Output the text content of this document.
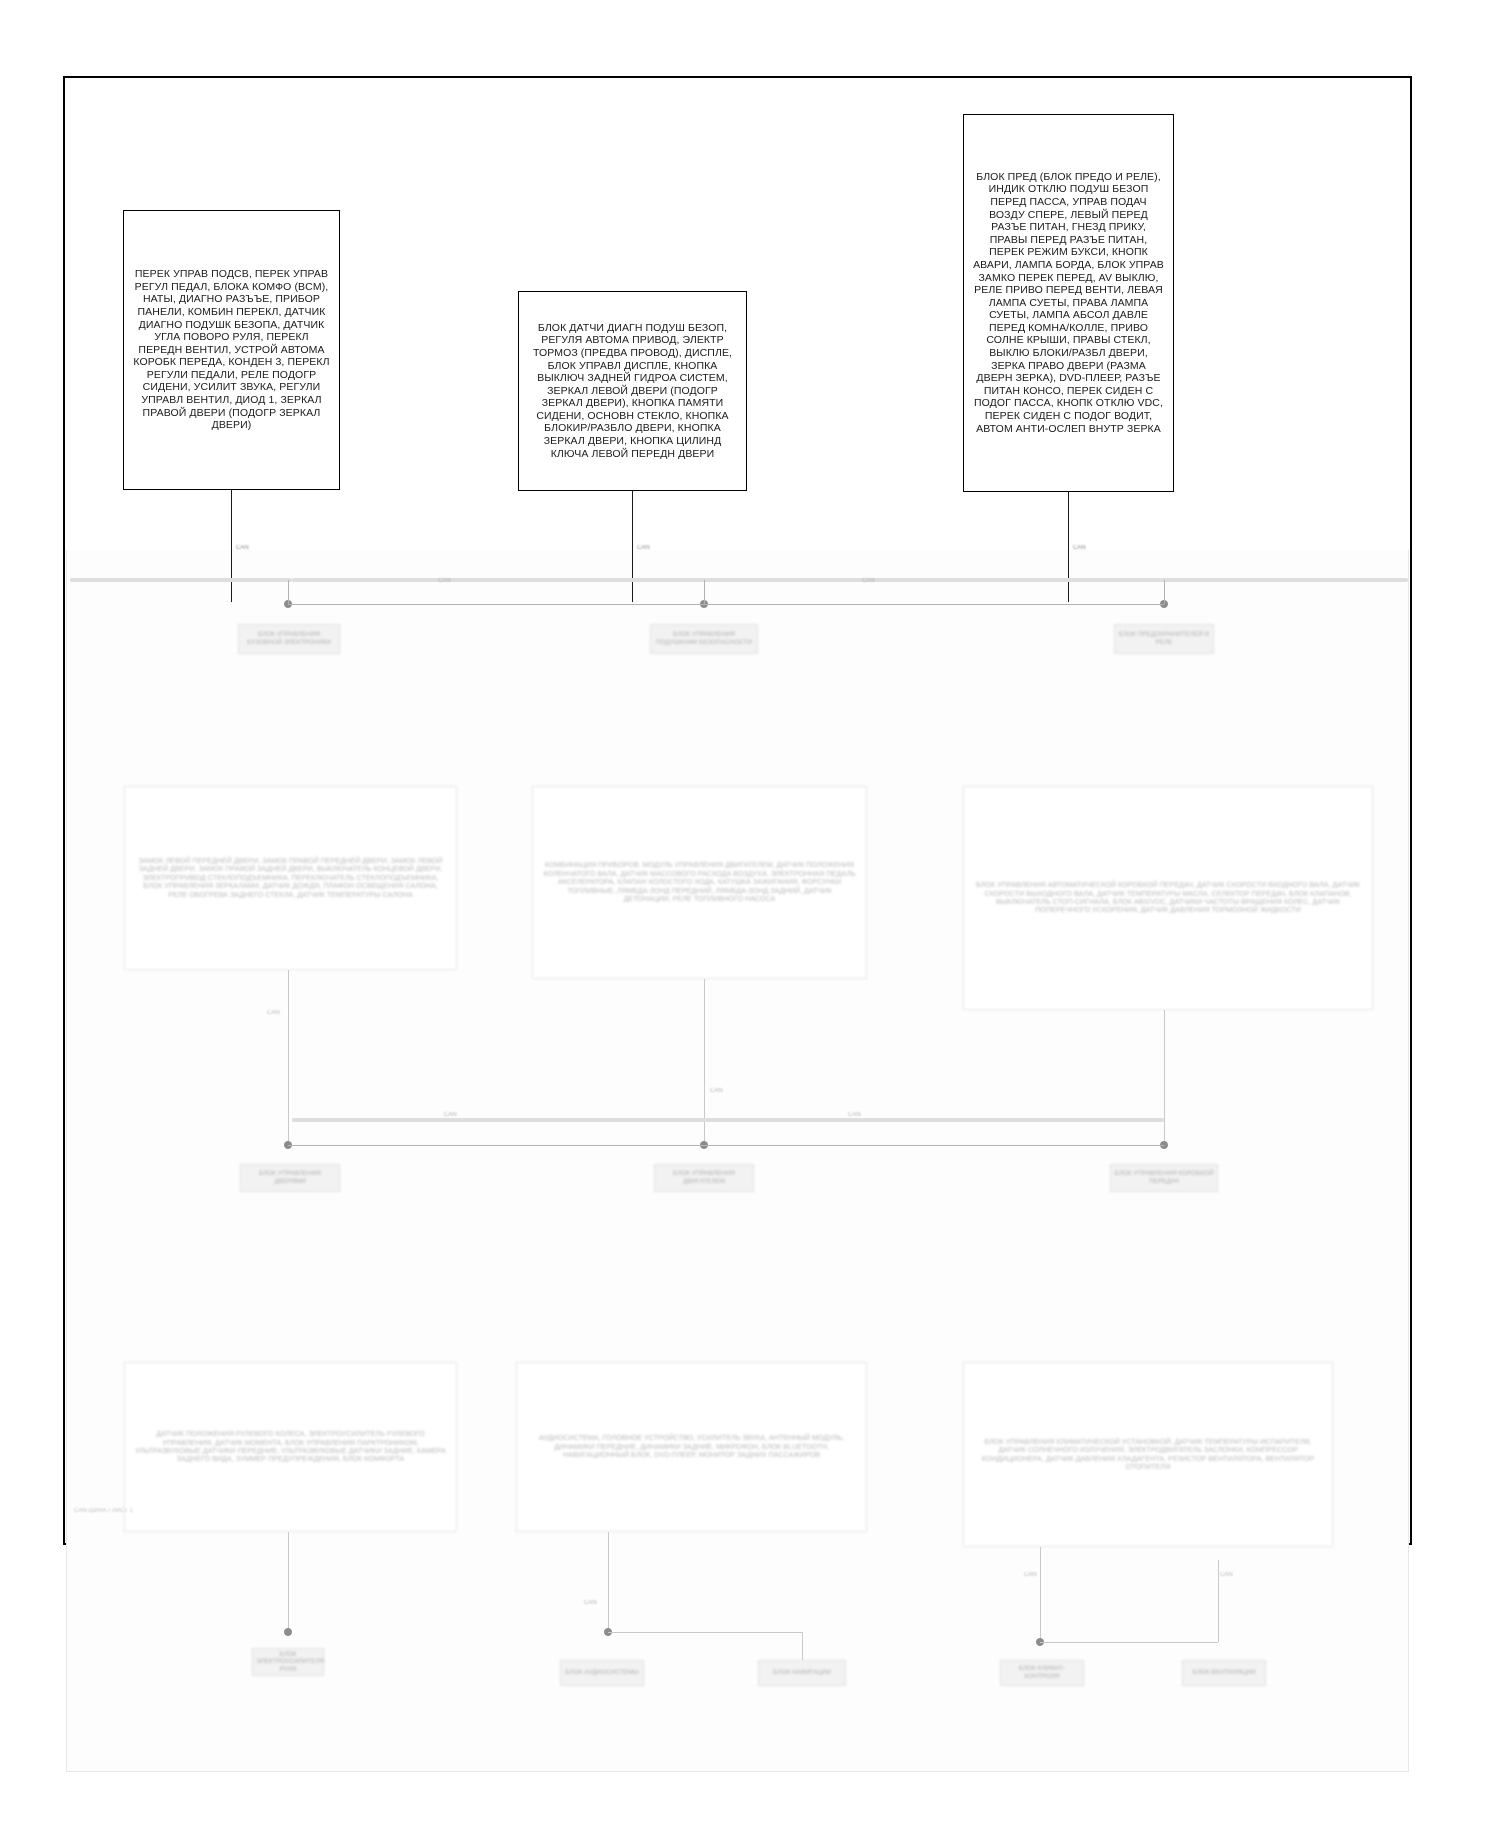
ПЕРЕК УПРАВ ПОДСВ, ПЕРЕК УПРАВ РЕГУЛ ПЕДАЛ, БЛОКА КОМФО (BCM), НАТЫ, ДИАГНО РАЗЪЪЕ, ПРИБОР ПАНЕЛИ, КОМБИН ПЕРЕКЛ, ДАТЧИК ДИАГНО ПОДУШК БЕЗОПА, ДАТЧИК УГЛА ПОВОРО РУЛЯ, ПЕРЕКЛ ПЕРЕДН ВЕНТИЛ, УСТРОЙ АВТОМА КОРОБК ПЕРЕДА, КОНДЕН 3, ПЕРЕКЛ РЕГУЛИ ПЕДАЛИ, РЕЛЕ ПОДОГР СИДЕНИ, УСИЛИТ ЗВУКА, РЕГУЛИ УПРАВЛ ВЕНТИЛ, ДИОД 1, ЗЕРКАЛ ПРАВОЙ ДВЕРИ (ПОДОГР ЗЕРКАЛ ДВЕРИ)
БЛОК ДАТЧИ ДИАГН ПОДУШ БЕЗОП, РЕГУЛЯ АВТОМА ПРИВОД, ЭЛЕКТР ТОРМОЗ (ПРЕДВА ПРОВОД), ДИСПЛЕ, БЛОК УПРАВЛ ДИСПЛЕ, КНОПКА ВЫКЛЮЧ ЗАДНЕЙ ГИДРОА СИСТЕМ, ЗЕРКАЛ ЛЕВОЙ ДВЕРИ (ПОДОГР ЗЕРКАЛ ДВЕРИ), КНОПКА ПАМЯТИ СИДЕНИ, ОСНОВН СТЕКЛО, КНОПКА БЛОКИР/РАЗБЛО ДВЕРИ, КНОПКА ЗЕРКАЛ ДВЕРИ, КНОПКА ЦИЛИНД КЛЮЧА ЛЕВОЙ ПЕРЕДН ДВЕРИ
БЛОК ПРЕД (БЛОК ПРЕДО И РЕЛЕ), ИНДИК ОТКЛЮ ПОДУШ БЕЗОП ПЕРЕД ПАССА, УПРАВ ПОДАЧ ВОЗДУ СПЕРЕ, ЛЕВЫЙ ПЕРЕД РАЗЪЕ ПИТАН, ГНЕЗД ПРИКУ, ПРАВЫ ПЕРЕД РАЗЪЕ ПИТАН, ПЕРЕК РЕЖИМ БУКСИ, КНОПК АВАРИ, ЛАМПА БОРДА, БЛОК УПРАВ ЗАМКО ПЕРЕК ПЕРЕД, AV ВЫКЛЮ, РЕЛЕ ПРИВО ПЕРЕД ВЕНТИ, ЛЕВАЯ ЛАМПА СУЕТЫ, ПРАВА ЛАМПА СУЕТЫ, ЛАМПА АБСОЛ ДАВЛЕ ПЕРЕД КОМНА/КОЛЛЕ, ПРИВО СОЛНЕ КРЫШИ, ПРАВЫ СТЕКЛ, ВЫКЛЮ БЛОКИ/РАЗБЛ ДВЕРИ, ЗЕРКА ПРАВО ДВЕРИ (РАЗМА ДВЕРН ЗЕРКА), DVD-ПЛЕЕР, РАЗЪЕ ПИТАН КОНСО, ПЕРЕК СИДЕН С ПОДОГ ПАССА, КНОПК ОТКЛЮ VDC, ПЕРЕК СИДЕН С ПОДОГ ВОДИТ, АВТОМ АНТИ-ОСЛЕП ВНУТР ЗЕРКА
CAN	CAN	CAN
CAN	CAN
БЛОК УПРАВЛЕНИЯ КУЗОВНОЙ ЭЛЕКТРОНИКИ
БЛОК УПРАВЛЕНИЯ ПОДУШКАМИ БЕЗОПАСНОСТИ
БЛОК ПРЕДОХРАНИТЕЛЕЙ И РЕЛЕ
ЗАМОК ЛЕВОЙ ПЕРЕДНЕЙ ДВЕРИ, ЗАМОК ПРАВОЙ ПЕРЕДНЕЙ ДВЕРИ, ЗАМОК ЛЕВОЙ ЗАДНЕЙ ДВЕРИ, ЗАМОК ПРАВОЙ ЗАДНЕЙ ДВЕРИ, ВЫКЛЮЧАТЕЛЬ КОНЦЕВОЙ ДВЕРИ, ЭЛЕКТРОПРИВОД СТЕКЛОПОДЪЕМНИКА, ПЕРЕКЛЮЧАТЕЛЬ СТЕКЛОПОДЪЕМНИКА, БЛОК УПРАВЛЕНИЯ ЗЕРКАЛАМИ, ДАТЧИК ДОЖДЯ, ПЛАФОН ОСВЕЩЕНИЯ САЛОНА, РЕЛЕ ОБОГРЕВА ЗАДНЕГО СТЕКЛА, ДАТЧИК ТЕМПЕРАТУРЫ САЛОНА
КОМБИНАЦИЯ ПРИБОРОВ, МОДУЛЬ УПРАВЛЕНИЯ ДВИГАТЕЛЕМ, ДАТЧИК ПОЛОЖЕНИЯ КОЛЕНЧАТОГО ВАЛА, ДАТЧИК МАССОВОГО РАСХОДА ВОЗДУХА, ЭЛЕКТРОННАЯ ПЕДАЛЬ АКСЕЛЕРАТОРА, КЛАПАН ХОЛОСТОГО ХОДА, КАТУШКА ЗАЖИГАНИЯ, ФОРСУНКИ ТОПЛИВНЫЕ, ЛЯМБДА-ЗОНД ПЕРЕДНИЙ, ЛЯМБДА-ЗОНД ЗАДНИЙ, ДАТЧИК ДЕТОНАЦИИ, РЕЛЕ ТОПЛИВНОГО НАСОСА
БЛОК УПРАВЛЕНИЯ АВТОМАТИЧЕСКОЙ КОРОБКОЙ ПЕРЕДАЧ, ДАТЧИК СКОРОСТИ ВХОДНОГО ВАЛА, ДАТЧИК СКОРОСТИ ВЫХОДНОГО ВАЛА, ДАТЧИК ТЕМПЕРАТУРЫ МАСЛА, СЕЛЕКТОР ПЕРЕДАЧ, БЛОК КЛАПАНОВ, ВЫКЛЮЧАТЕЛЬ СТОП-СИГНАЛА, БЛОК ABS/VDC, ДАТЧИКИ ЧАСТОТЫ ВРАЩЕНИЯ КОЛЕС, ДАТЧИК ПОПЕРЕЧНОГО УСКОРЕНИЯ, ДАТЧИК ДАВЛЕНИЯ ТОРМОЗНОЙ ЖИДКОСТИ
CAN
CAN
CAN	CAN
БЛОК УПРАВЛЕНИЯ ДВЕРЯМИ
БЛОК УПРАВЛЕНИЯ ДВИГАТЕЛЕМ
БЛОК УПРАВЛЕНИЯ КОРОБКОЙ ПЕРЕДАЧ
ДАТЧИК ПОЛОЖЕНИЯ РУЛЕВОГО КОЛЕСА, ЭЛЕКТРОУСИЛИТЕЛЬ РУЛЕВОГО УПРАВЛЕНИЯ, ДАТЧИК МОМЕНТА, БЛОК УПРАВЛЕНИЯ ПАРКТРОНИКОМ, УЛЬТРАЗВУКОВЫЕ ДАТЧИКИ ПЕРЕДНИЕ, УЛЬТРАЗВУКОВЫЕ ДАТЧИКИ ЗАДНИЕ, КАМЕРА ЗАДНЕГО ВИДА, ЗУММЕР ПРЕДУПРЕЖДЕНИЯ, БЛОК КОМФОРТА
АУДИОСИСТЕМА, ГОЛОВНОЕ УСТРОЙСТВО, УСИЛИТЕЛЬ ЗВУКА, АНТЕННЫЙ МОДУЛЬ, ДИНАМИКИ ПЕРЕДНИЕ, ДИНАМИКИ ЗАДНИЕ, МИКРОФОН, БЛОК BLUETOOTH, НАВИГАЦИОННЫЙ БЛОК, DVD-ПЛЕЕР, МОНИТОР ЗАДНИХ ПАССАЖИРОВ
БЛОК УПРАВЛЕНИЯ КЛИМАТИЧЕСКОЙ УСТАНОВКОЙ, ДАТЧИК ТЕМПЕРАТУРЫ ИСПАРИТЕЛЯ, ДАТЧИК СОЛНЕЧНОГО ИЗЛУЧЕНИЯ, ЭЛЕКТРОДВИГАТЕЛЬ ЗАСЛОНКИ, КОМПРЕССОР КОНДИЦИОНЕРА, ДАТЧИК ДАВЛЕНИЯ ХЛАДАГЕНТА, РЕЗИСТОР ВЕНТИЛЯТОРА, ВЕНТИЛЯТОР ОТОПИТЕЛЯ
БЛОК ЭЛЕКТРОУСИЛИТЕЛЯ РУЛЯ	БЛОК АУДИОСИСТЕМЫ	БЛОК НАВИГАЦИИ
CAN
БЛОК КЛИМАТ-КОНТРОЛЯ
БЛОК ВЕНТИЛЯЦИИ
CAN	CAN
CAN-ШИНА / ЛИСТ 1
